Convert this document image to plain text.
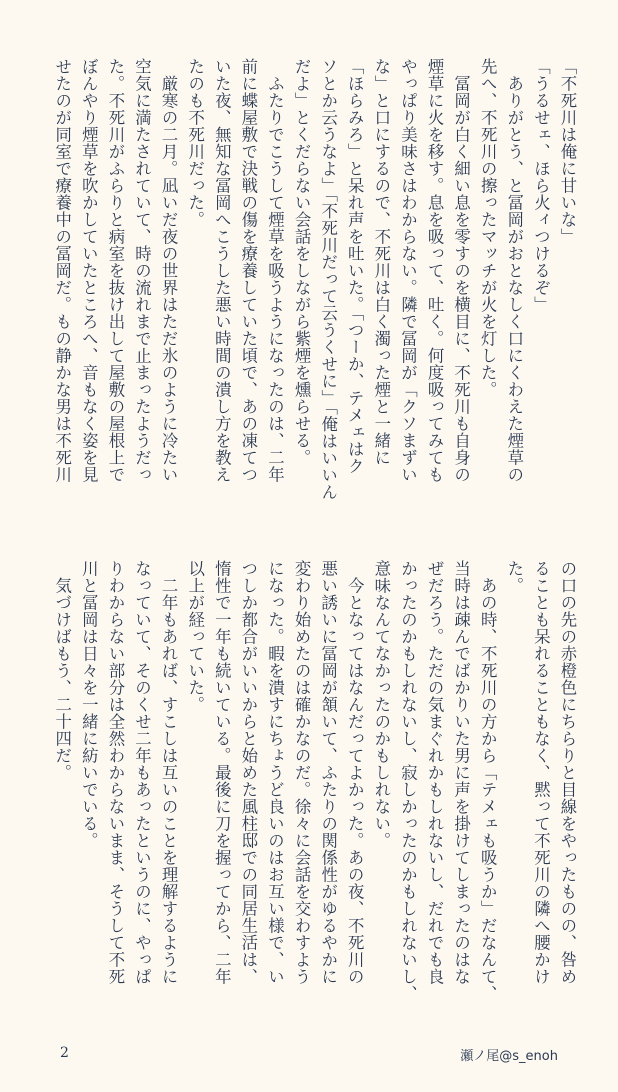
「不死川は俺に甘いな」
「うるせェ、ほら火ィつけるぞ」
　ありがとう、と冨岡がおとなしく口にくわえた煙草の
先へ、不死川の擦ったマッチが火を灯した。
　冨岡が白く細い息を零すのを横目に、不死川も自身の
煙草に火を移す。息を吸って、吐く。何度吸ってみても
やっぱり美味さはわからない。隣で冨岡が「クソまずい
な」と口にするので、不死川は白く濁った煙と一緒に
「ほらみろ」と呆れ声を吐いた。「つーか、テメェはク
ソとか云うなよ」「不死川だって云うくせに」「俺はいいん
だよ」とくだらない会話をしながら紫煙を燻らせる。
　ふたりでこうして煙草を吸うようになったのは、二年
前に蝶屋敷で決戦の傷を療養していた頃で、あの凍てつ
いた夜、無知な冨岡へこうした悪い時間の潰し方を教え
たのも不死川だった。
　厳寒の二月。凪いだ夜の世界はただ氷のように冷たい
空気に満たされていて、時の流れまで止まったようだっ
た。不死川がふらりと病室を抜け出して屋敷の屋根上で
ぼんやり煙草を吹かしていたところへ、音もなく姿を見
せたのが同室で療養中の冨岡だ。もの静かな男は不死川
の口の先の赤橙色にちらりと目線をやったものの、咎め
ることも呆れることもなく、黙って不死川の隣へ腰かけ
た。
　あの時、不死川の方から「テメェも吸うか」だなんて、
当時は疎んでばかりいた男に声を掛けてしまったのはな
ぜだろう。ただの気まぐれかもしれないし、だれでも良
かったのかもしれないし、寂しかったのかもしれないし、
意味なんてなかったのかもしれない。
　今となってはなんだってよかった。あの夜、不死川の
悪い誘いに冨岡が頷いて、ふたりの関係性がゆるやかに
変わり始めたのは確かなのだ。徐々に会話を交わすよう
になった。暇を潰すにちょうど良いのはお互い様で、い
つしか都合がいいからと始めた風柱邸での同居生活は、
惰性で一年も続いている。最後に刀を握ってから、二年
以上が経っていた。
　二年もあれば、すこしは互いのことを理解するように
なっていて、そのくせ二年もあったというのに、やっぱ
りわからない部分は全然わからないまま、そうして不死
川と冨岡は日々を一緒に紡いでいる。
　気づけばもう、二十四だ。
2	瀬ノ尾@s_enoh
